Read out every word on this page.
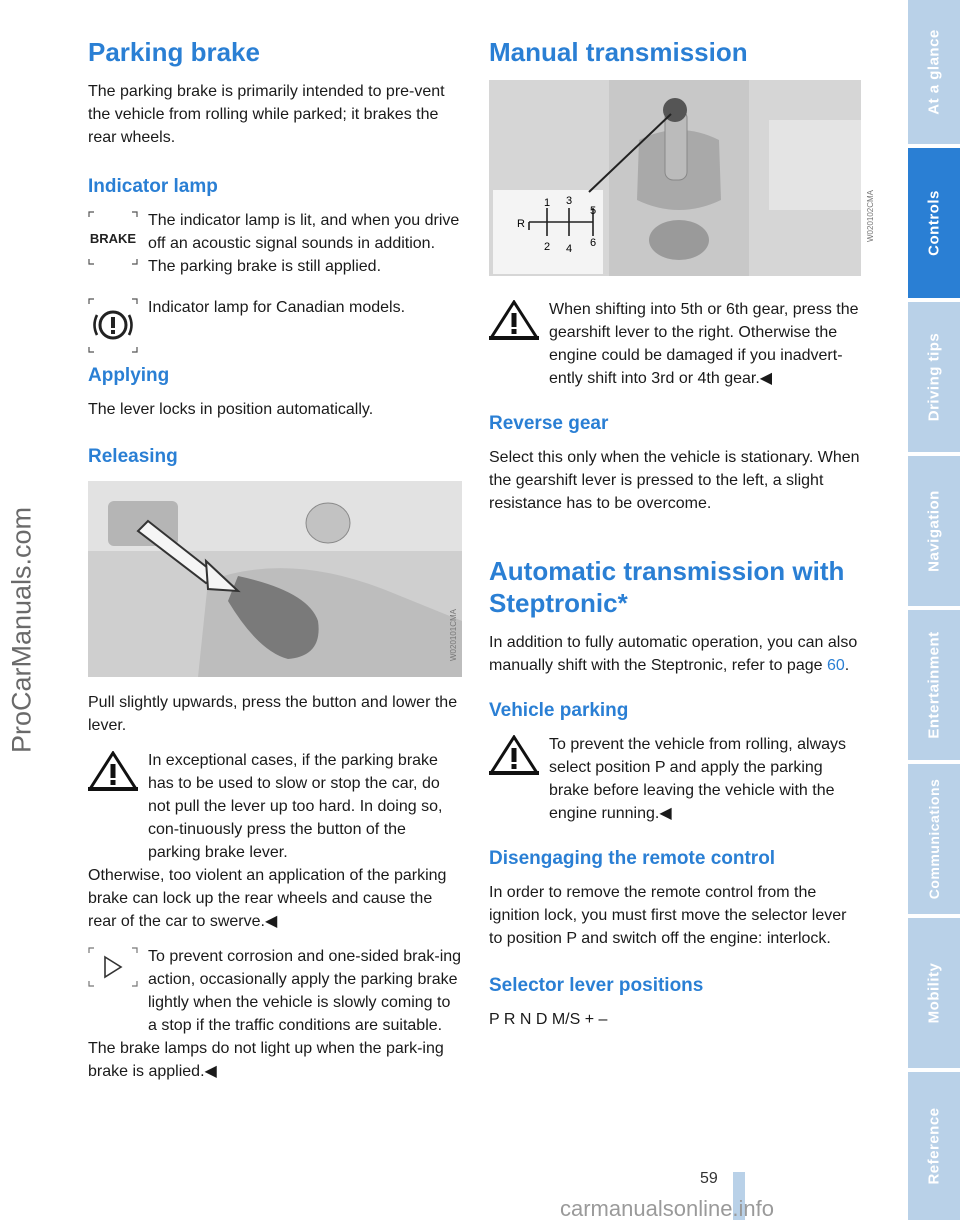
ProCarManuals.com
Parking brake

The parking brake is primarily intended to pre-vent the vehicle from rolling while parked; it brakes the rear wheels.

Indicator lamp
BRAKE

The indicator lamp is lit, and when you drive off an acoustic signal sounds in addition. The parking brake is still applied.

Indicator lamp for Canadian models.

Applying

The lever locks in position automatically.

Releasing
W020101CMA

Pull slightly upwards, press the button and lower the lever.

In exceptional cases, if the parking brake has to be used to slow or stop the car, do not pull the lever up too hard. In doing so, con-tinuously press the button of the parking brake lever.

Otherwise, too violent an application of the parking brake can lock up the rear wheels and cause the rear of the car to swerve.◀

To prevent corrosion and one-sided brak-ing action, occasionally apply the parking brake lightly when the vehicle is slowly coming to a stop if the traffic conditions are suitable.

The brake lamps do not light up when the park-ing brake is applied.◀

Manual transmission
1 3
5
R
2 4 6
W020102CMA

When shifting into 5th or 6th gear, press the gearshift lever to the right. Otherwise the engine could be damaged if you inadvert-ently shift into 3rd or 4th gear.◀

Reverse gear

Select this only when the vehicle is stationary. When the gearshift lever is pressed to the left, a slight resistance has to be overcome.

Automatic transmission with Steptronic*

In addition to fully automatic operation, you can also manually shift with the Steptronic, refer to page 60.

Vehicle parking

To prevent the vehicle from rolling, always select position P and apply the parking brake before leaving the vehicle with the engine running.◀

Disengaging the remote control

In order to remove the remote control from the ignition lock, you must first move the selector lever to position P and switch off the engine: interlock.

Selector lever positions

P R N D M/S + –

At a glance
Controls
Driving tips
Navigation
Entertainment
Communications
Mobility
Reference
59
carmanualsonline.info
